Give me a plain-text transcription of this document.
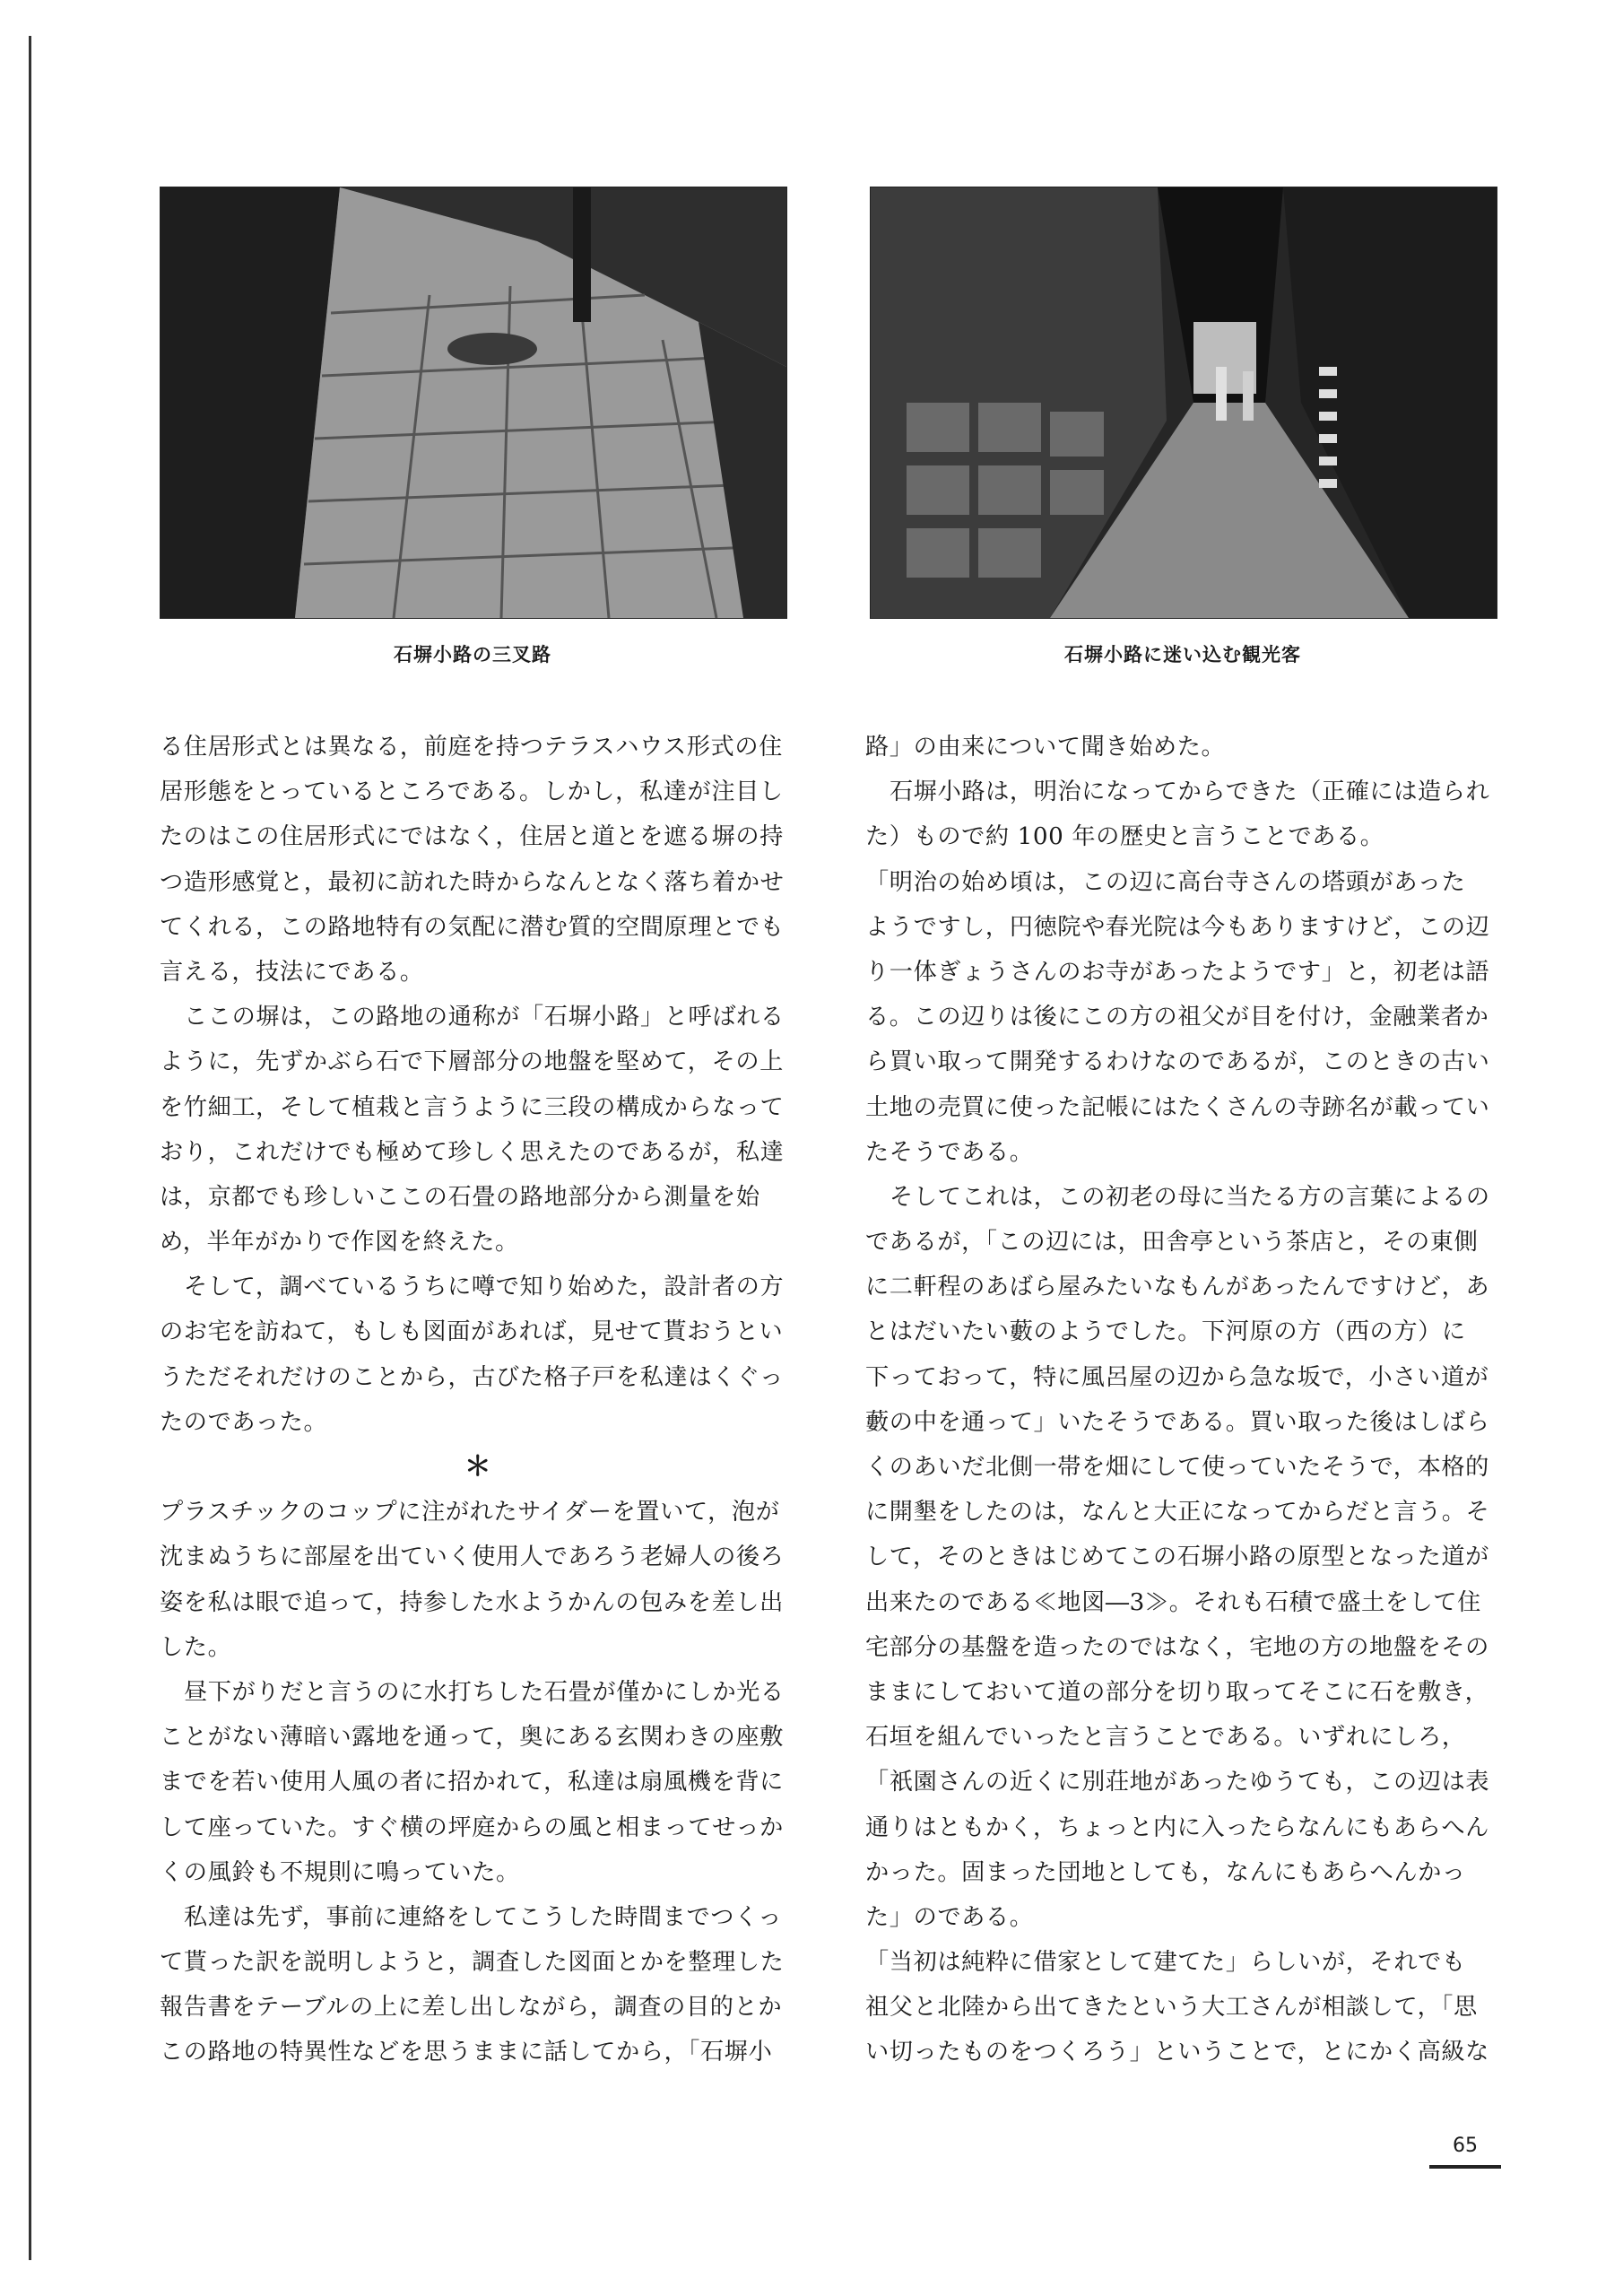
石塀小路の三叉路	石塀小路に迷い込む観光客
る住居形式とは異なる，前庭を持つテラスハウス形式の住
居形態をとっているところである。しかし，私達が注目し
たのはこの住居形式にではなく，住居と道とを遮る塀の持
つ造形感覚と，最初に訪れた時からなんとなく落ち着かせ
てくれる，この路地特有の気配に潜む質的空間原理とでも
言える，技法にである。
ここの塀は，この路地の通称が「石塀小路」と呼ばれる
ように，先ずかぶら石で下層部分の地盤を堅めて，その上
を竹細工，そして植栽と言うように三段の構成からなって
おり，これだけでも極めて珍しく思えたのであるが，私達
は，京都でも珍しいここの石畳の路地部分から測量を始
め，半年がかりで作図を終えた。
そして，調べているうちに噂で知り始めた，設計者の方
のお宅を訪ねて，もしも図面があれば，見せて貰おうとい
うただそれだけのことから，古びた格子戸を私達はくぐっ
たのであった。
＊
プラスチックのコップに注がれたサイダーを置いて，泡が
沈まぬうちに部屋を出ていく使用人であろう老婦人の後ろ
姿を私は眼で追って，持参した水ようかんの包みを差し出
した。
昼下がりだと言うのに水打ちした石畳が僅かにしか光る
ことがない薄暗い露地を通って，奥にある玄関わきの座敷
までを若い使用人風の者に招かれて，私達は扇風機を背に
して座っていた。すぐ横の坪庭からの風と相まってせっか
くの風鈴も不規則に鳴っていた。
私達は先ず，事前に連絡をしてこうした時間までつくっ
て貰った訳を説明しようと，調査した図面とかを整理した
報告書をテーブルの上に差し出しながら，調査の目的とか
この路地の特異性などを思うままに話してから，「石塀小
路」の由来について聞き始めた。
石塀小路は，明治になってからできた（正確には造られ
た）もので約 100 年の歴史と言うことである。
「明治の始め頃は，この辺に高台寺さんの塔頭があった
ようですし，円徳院や春光院は今もありますけど，この辺
り一体ぎょうさんのお寺があったようです」と，初老は語
る。この辺りは後にこの方の祖父が目を付け，金融業者か
ら買い取って開発するわけなのであるが，このときの古い
土地の売買に使った記帳にはたくさんの寺跡名が載ってい
たそうである。
そしてこれは，この初老の母に当たる方の言葉によるの
であるが，「この辺には，田舎亭という茶店と，その東側
に二軒程のあばら屋みたいなもんがあったんですけど，あ
とはだいたい藪のようでした。下河原の方（西の方）に
下っておって，特に風呂屋の辺から急な坂で，小さい道が
藪の中を通って」いたそうである。買い取った後はしばら
くのあいだ北側一帯を畑にして使っていたそうで，本格的
に開墾をしたのは，なんと大正になってからだと言う。そ
して，そのときはじめてこの石塀小路の原型となった道が
出来たのである≪地図―3≫。それも石積で盛土をして住
宅部分の基盤を造ったのではなく，宅地の方の地盤をその
ままにしておいて道の部分を切り取ってそこに石を敷き，
石垣を組んでいったと言うことである。いずれにしろ，
「祇園さんの近くに別荘地があったゆうても，この辺は表
通りはともかく，ちょっと内に入ったらなんにもあらへん
かった。固まった団地としても，なんにもあらへんかっ
た」のである。
「当初は純粋に借家として建てた」らしいが，それでも
祖父と北陸から出てきたという大工さんが相談して，「思
い切ったものをつくろう」ということで，とにかく高級な
65
